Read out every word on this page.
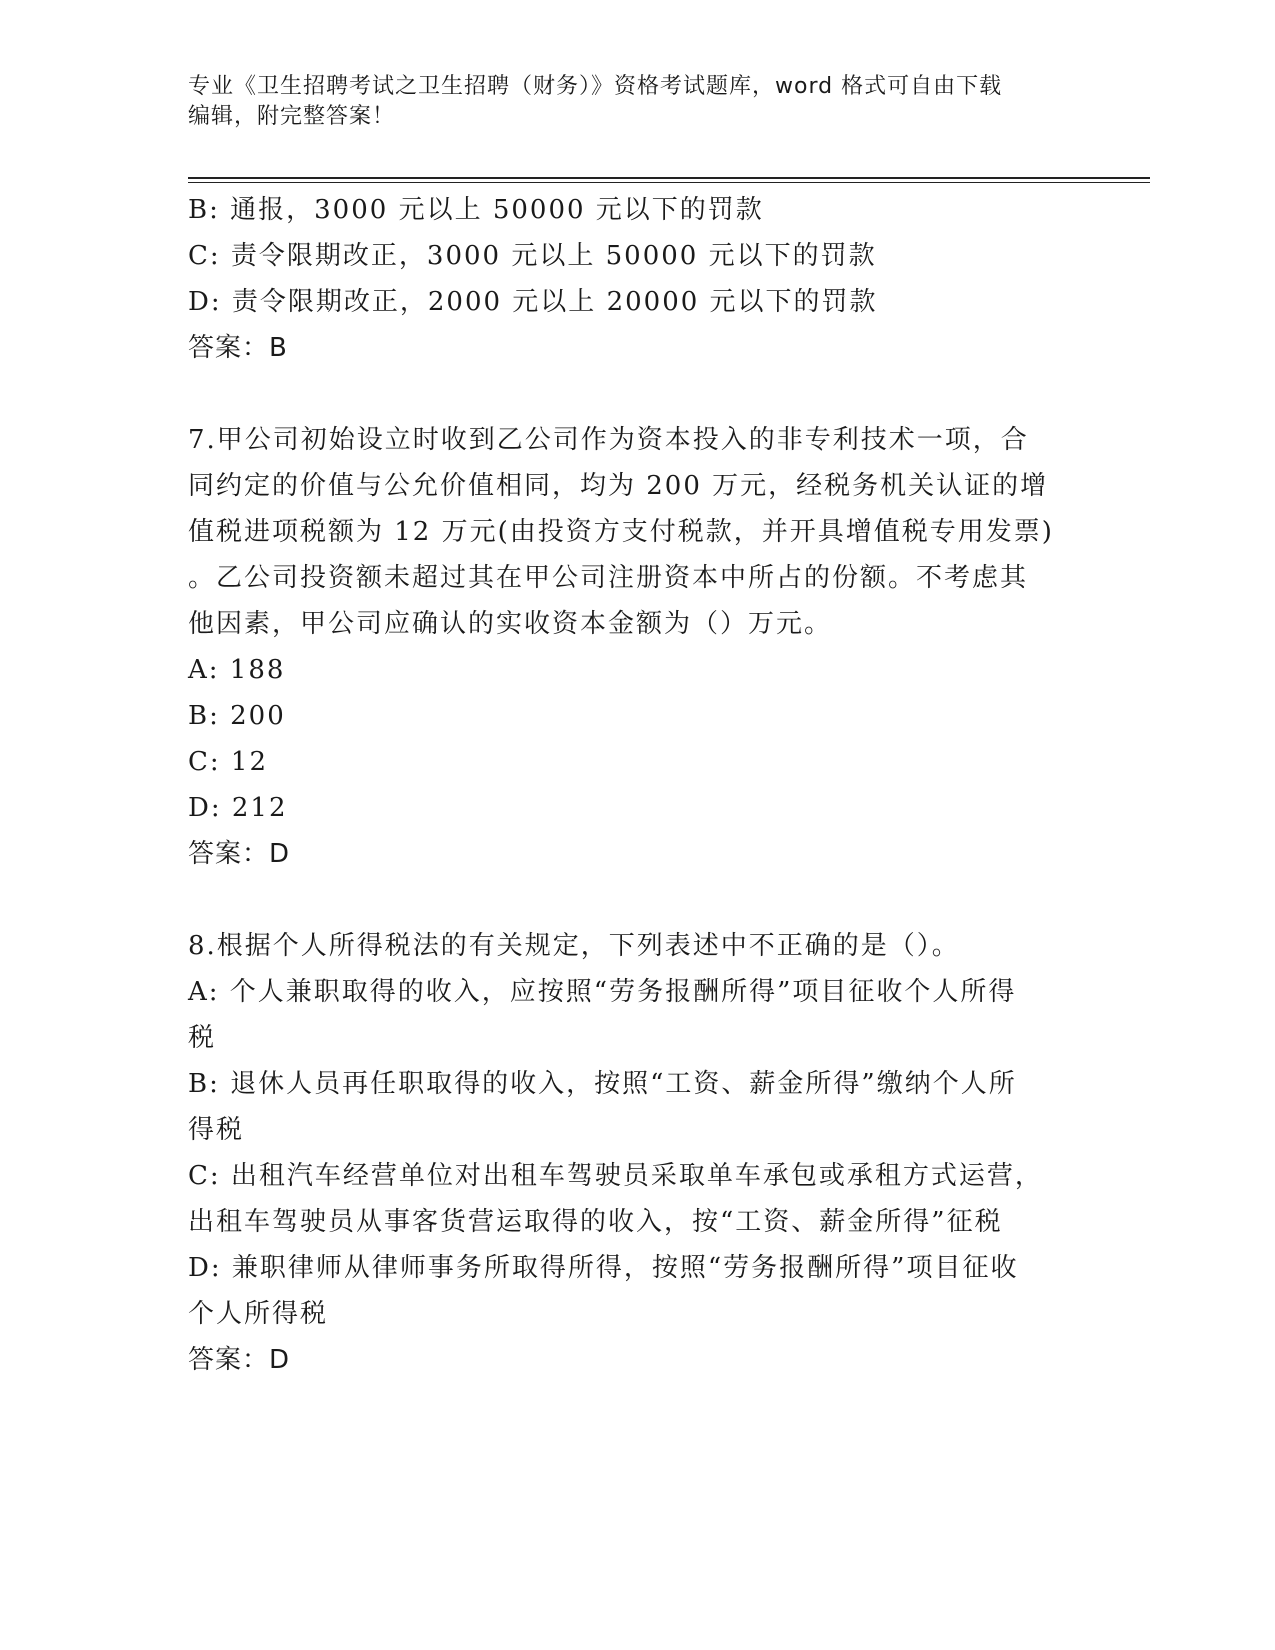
专业《卫生招聘考试之卫生招聘（财务）》资格考试题库，word 格式可自由下载
编辑，附完整答案！
B: 通报，3000 元以上 50000 元以下的罚款
C: 责令限期改正，3000 元以上 50000 元以下的罚款
D: 责令限期改正，2000 元以上 20000 元以下的罚款
答案：B
7.甲公司初始设立时收到乙公司作为资本投入的非专利技术一项，合
同约定的价值与公允价值相同，均为 200 万元，经税务机关认证的增
值税进项税额为 12 万元(由投资方支付税款，并开具增值税专用发票)
。乙公司投资额未超过其在甲公司注册资本中所占的份额。不考虑其
他因素，甲公司应确认的实收资本金额为（）万元。
A: 188
B: 200
C: 12
D: 212
答案：D
8.根据个人所得税法的有关规定，下列表述中不正确的是（）。
A: 个人兼职取得的收入，应按照“劳务报酬所得”项目征收个人所得
税
B: 退休人员再任职取得的收入，按照“工资、薪金所得”缴纳个人所
得税
C: 出租汽车经营单位对出租车驾驶员采取单车承包或承租方式运营，
出租车驾驶员从事客货营运取得的收入，按“工资、薪金所得”征税
D: 兼职律师从律师事务所取得所得，按照“劳务报酬所得”项目征收
个人所得税
答案：D
